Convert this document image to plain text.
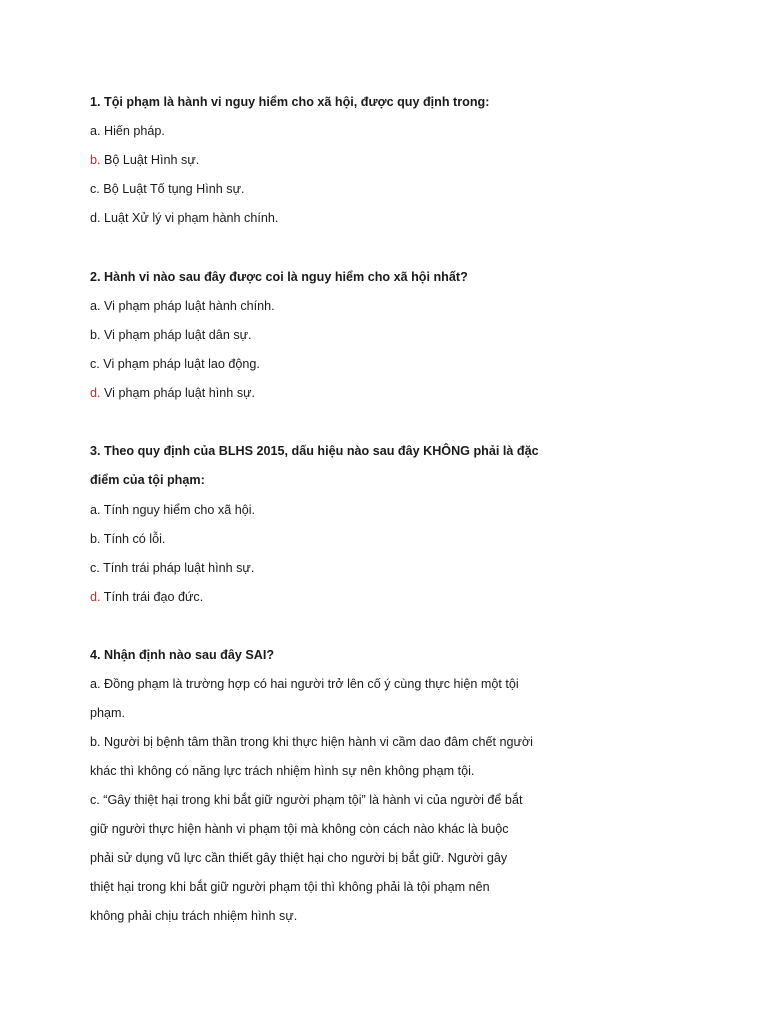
1. Tội phạm là hành vi nguy hiểm cho xã hội, được quy định trong:
a. Hiến pháp.
b. Bộ Luật Hình sự.
c. Bộ Luật Tố tụng Hình sự.
d. Luật Xử lý vi phạm hành chính.
2. Hành vi nào sau đây được coi là nguy hiểm cho xã hội nhất?
a. Vi phạm pháp luật hành chính.
b. Vi phạm pháp luật dân sự.
c. Vi phạm pháp luật lao động.
d. Vi phạm pháp luật hình sự.
3. Theo quy định của BLHS 2015, dấu hiệu nào sau đây KHÔNG phải là đặc
điểm của tội phạm:
a. Tính nguy hiểm cho xã hội.
b. Tính có lỗi.
c. Tính trái pháp luật hình sự.
d. Tính trái đạo đức.
4. Nhận định nào sau đây SAI?
a. Đồng phạm là trường hợp có hai người trở lên cố ý cùng thực hiện một tội
phạm.
b. Người bị bệnh tâm thần trong khi thực hiện hành vi cầm dao đâm chết người
khác thì không có năng lực trách nhiệm hình sự nên không phạm tội.
c. “Gây thiệt hại trong khi bắt giữ người phạm tội” là hành vi của người để bắt
giữ người thực hiện hành vi phạm tội mà không còn cách nào khác là buộc
phải sử dụng vũ lực cần thiết gây thiệt hại cho người bị bắt giữ. Người gây
thiệt hại trong khi bắt giữ người phạm tội thì không phải là tội phạm nên
không phải chịu trách nhiệm hình sự.
